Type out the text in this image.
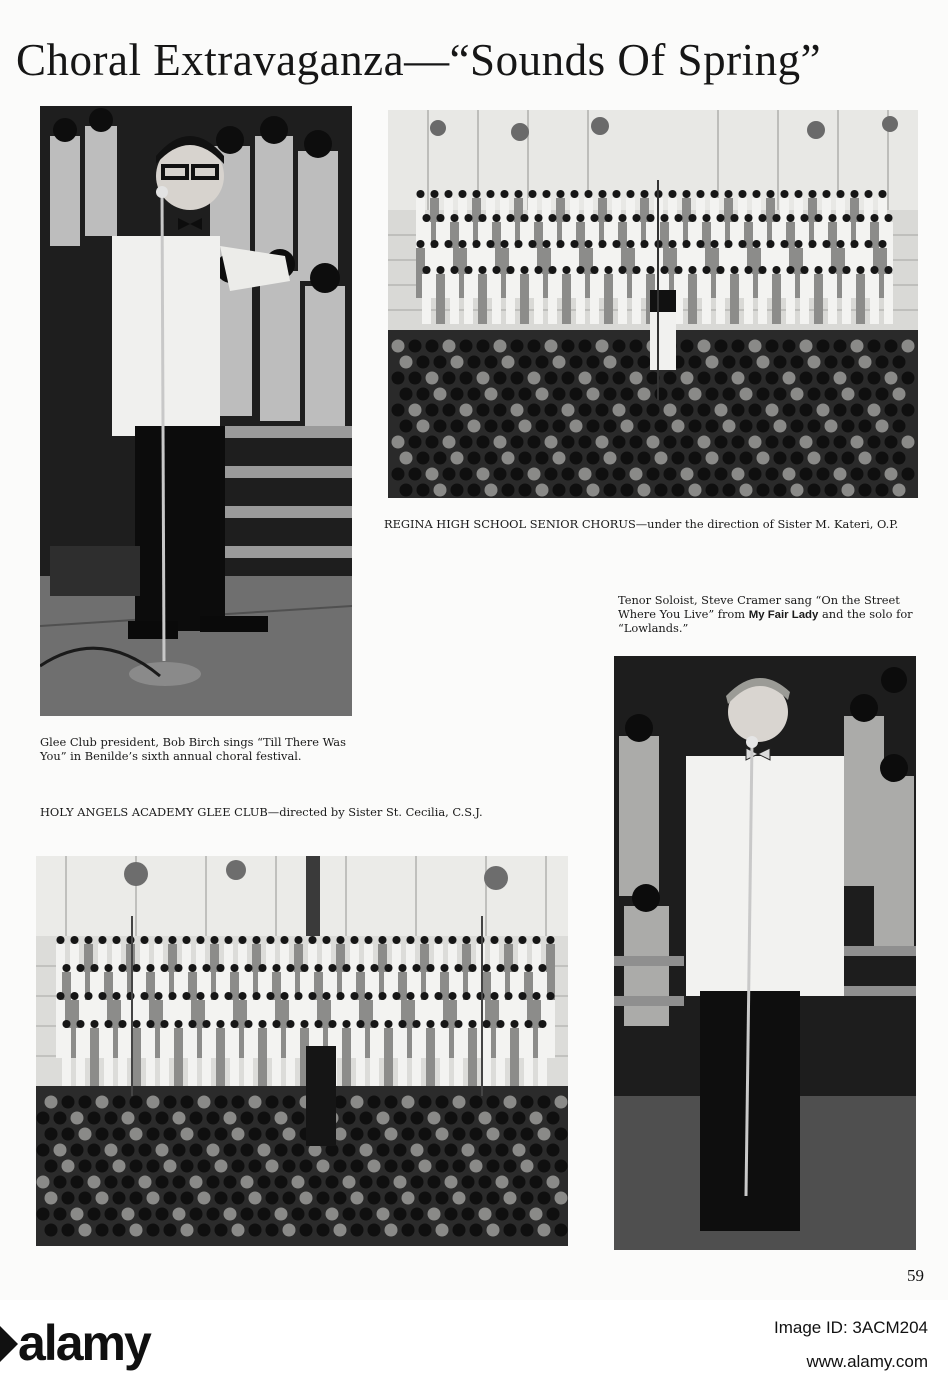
Choral Extravaganza—“Sounds Of Spring”

REGINA HIGH SCHOOL SENIOR CHORUS—under the direction of Sister M. Kateri, O.P.

Tenor Soloist, Steve Cramer sang “On the Street Where You Live” from My Fair Lady and the solo for “Lowlands.”

Glee Club president, Bob Birch sings “Till There Was You” in Benilde’s sixth annual choral festival.

HOLY ANGELS ACADEMY GLEE CLUB—directed by Sister St. Cecilia, C.S.J.

59
alamy	Image ID: 3ACM204
www.alamy.com
